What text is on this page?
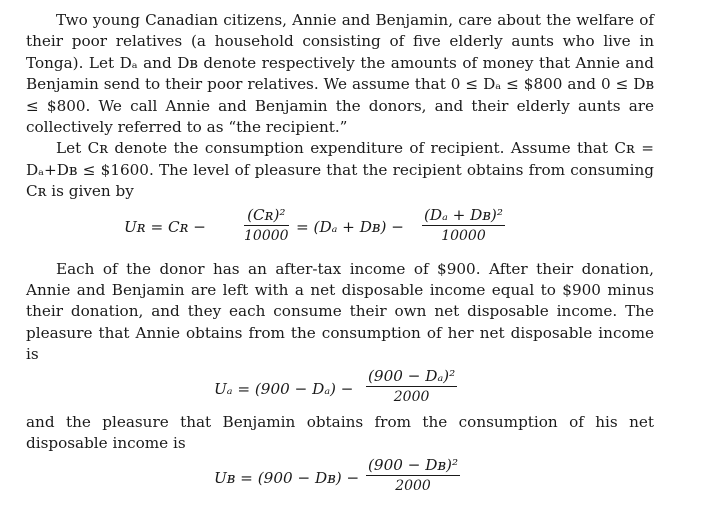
Two young Canadian citizens, Annie and Benjamin, care about the welfare of their poor relatives (a household consisting of five elderly aunts who live in Tonga). Let Dₐ and Dʙ denote respectively the amounts of money that Annie and Benjamin send to their poor relatives. We assume that 0 ≤ Dₐ ≤ $800 and 0 ≤ Dʙ ≤ $800. We call Annie and Benjamin the donors, and their elderly aunts are collectively referred to as “the recipient.”

Let Cʀ denote the consumption expenditure of recipient. Assume that Cʀ = Dₐ+Dʙ ≤ $1600. The level of pleasure that the recipient obtains from consuming Cʀ is given by

Uʀ = Cʀ − $\frac{\text{(Cʀ)²}}{10000} = (D_a$ + Dʙ) − $\frac{\text{(Dₐ + Dʙ)²}}{10000}$

Each of the donor has an after-tax income of $900. After their donation, Annie and Benjamin are left with a net disposable income equal to $900 minus their donation, and they each consume their own net disposable income. The pleasure that Annie obtains from the consumption of her net disposable income is

$U_a = (900 - D_a) - \frac{\text{(900 − Dₐ)²}}{2000}$

and the pleasure that Benjamin obtains from the consumption of his net disposable income is

Uʙ = (900 − Dʙ) − $\frac{\text{(900 − Dʙ)²}}{2000}$
